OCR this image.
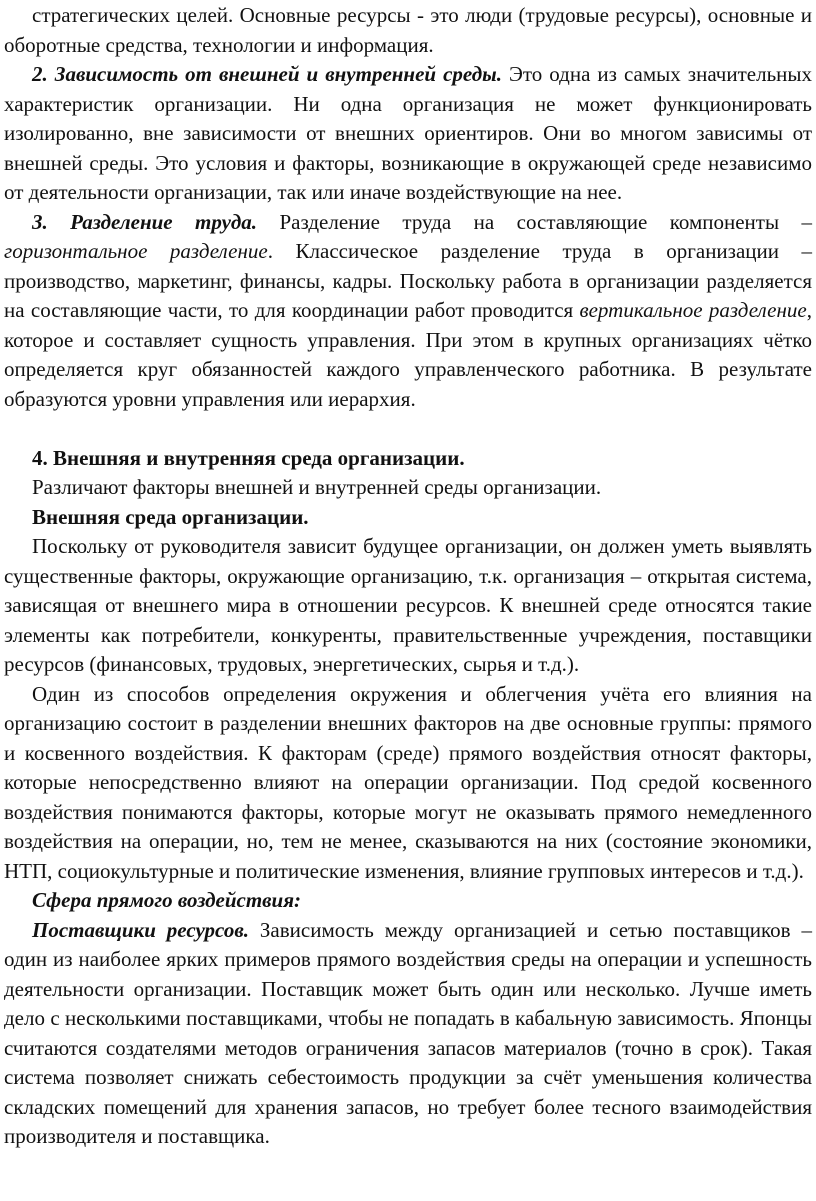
стратегических целей. Основные ресурсы - это люди (трудовые ресурсы), основные и оборотные средства, технологии и информация.

2. Зависимость от внешней и внутренней среды. Это одна из самых значительных характеристик организации. Ни одна организация не может функционировать изолированно, вне зависимости от внешних ориентиров. Они во многом зависимы от внешней среды. Это условия и факторы, возникающие в окружающей среде независимо от деятельности организации, так или иначе воздействующие на нее.

3. Разделение труда. Разделение труда на составляющие компоненты – горизонтальное разделение. Классическое разделение труда в организации – производство, маркетинг, финансы, кадры. Поскольку работа в организации разделяется на составляющие части, то для координации работ проводится вертикальное разделение, которое и составляет сущность управления. При этом в крупных организациях чётко определяется круг обязанностей каждого управленческого работника. В результате образуются уровни управления или иерархия.

4. Внешняя и внутренняя среда организации.

Различают факторы внешней и внутренней среды организации.

Внешняя среда организации.

Поскольку от руководителя зависит будущее организации, он должен уметь выявлять существенные факторы, окружающие организацию, т.к. организация – открытая система, зависящая от внешнего мира в отношении ресурсов. К внешней среде относятся такие элементы как потребители, конкуренты, правительственные учреждения, поставщики ресурсов (финансовых, трудовых, энергетических, сырья и т.д.).

Один из способов определения окружения и облегчения учёта его влияния на организацию состоит в разделении внешних факторов на две основные группы: прямого и косвенного воздействия. К факторам (среде) прямого воздействия относят факторы, которые непосредственно влияют на операции организации. Под средой косвенного воздействия понимаются факторы, которые могут не оказывать прямого немедленного воздействия на операции, но, тем не менее, сказываются на них (состояние экономики, НТП, социокультурные и политические изменения, влияние групповых интересов и т.д.).

Сфера прямого воздействия:

Поставщики ресурсов. Зависимость между организацией и сетью поставщиков – один из наиболее ярких примеров прямого воздействия среды на операции и успешность деятельности организации. Поставщик может быть один или несколько. Лучше иметь дело с несколькими поставщиками, чтобы не попадать в кабальную зависимость. Японцы считаются создателями методов ограничения запасов материалов (точно в срок). Такая система позволяет снижать себестоимость продукции за счёт уменьшения количества складских помещений для хранения запасов, но требует более тесного взаимодействия производителя и поставщика.
